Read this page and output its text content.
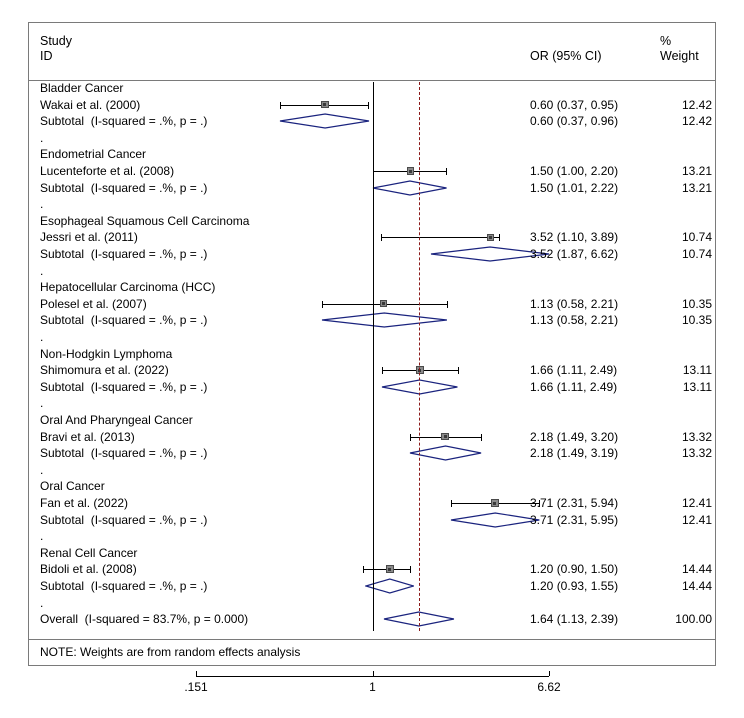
Study
ID	OR (95% CI)
%
Weight
Bladder Cancer
Wakai et al. (2000)	0.60 (0.37, 0.95)	12.42
Subtotal  (I-squared = .%, p = .)	0.60 (0.37, 0.96)	12.42
.
Endometrial Cancer
Lucenteforte et al. (2008)	1.50 (1.00, 2.20)	13.21
Subtotal  (I-squared = .%, p = .)	1.50 (1.01, 2.22)	13.21
.
Esophageal Squamous Cell Carcinoma
Jessri et al. (2011)	3.52 (1.10, 3.89)	10.74
Subtotal  (I-squared = .%, p = .)	3.52 (1.87, 6.62)	10.74
.
Hepatocellular Carcinoma (HCC)
Polesel et al. (2007)	1.13 (0.58, 2.21)	10.35
Subtotal  (I-squared = .%, p = .)	1.13 (0.58, 2.21)	10.35
.
Non-Hodgkin Lymphoma
Shimomura et al. (2022)	1.66 (1.11, 2.49)	13.11
Subtotal  (I-squared = .%, p = .)	1.66 (1.11, 2.49)	13.11
.
Oral And Pharyngeal Cancer
Bravi et al. (2013)	2.18 (1.49, 3.20)	13.32
Subtotal  (I-squared = .%, p = .)	2.18 (1.49, 3.19)	13.32
.
Oral Cancer
Fan et al. (2022)	3.71 (2.31, 5.94)	12.41
Subtotal  (I-squared = .%, p = .)	3.71 (2.31, 5.95)	12.41
.
Renal Cell Cancer
Bidoli et al. (2008)	1.20 (0.90, 1.50)	14.44
Subtotal  (I-squared = .%, p = .)	1.20 (0.93, 1.55)	14.44
.
Overall  (I-squared = 83.7%, p = 0.000)	1.64 (1.13, 2.39)	100.00
NOTE: Weights are from random effects analysis
.151	1	6.62
